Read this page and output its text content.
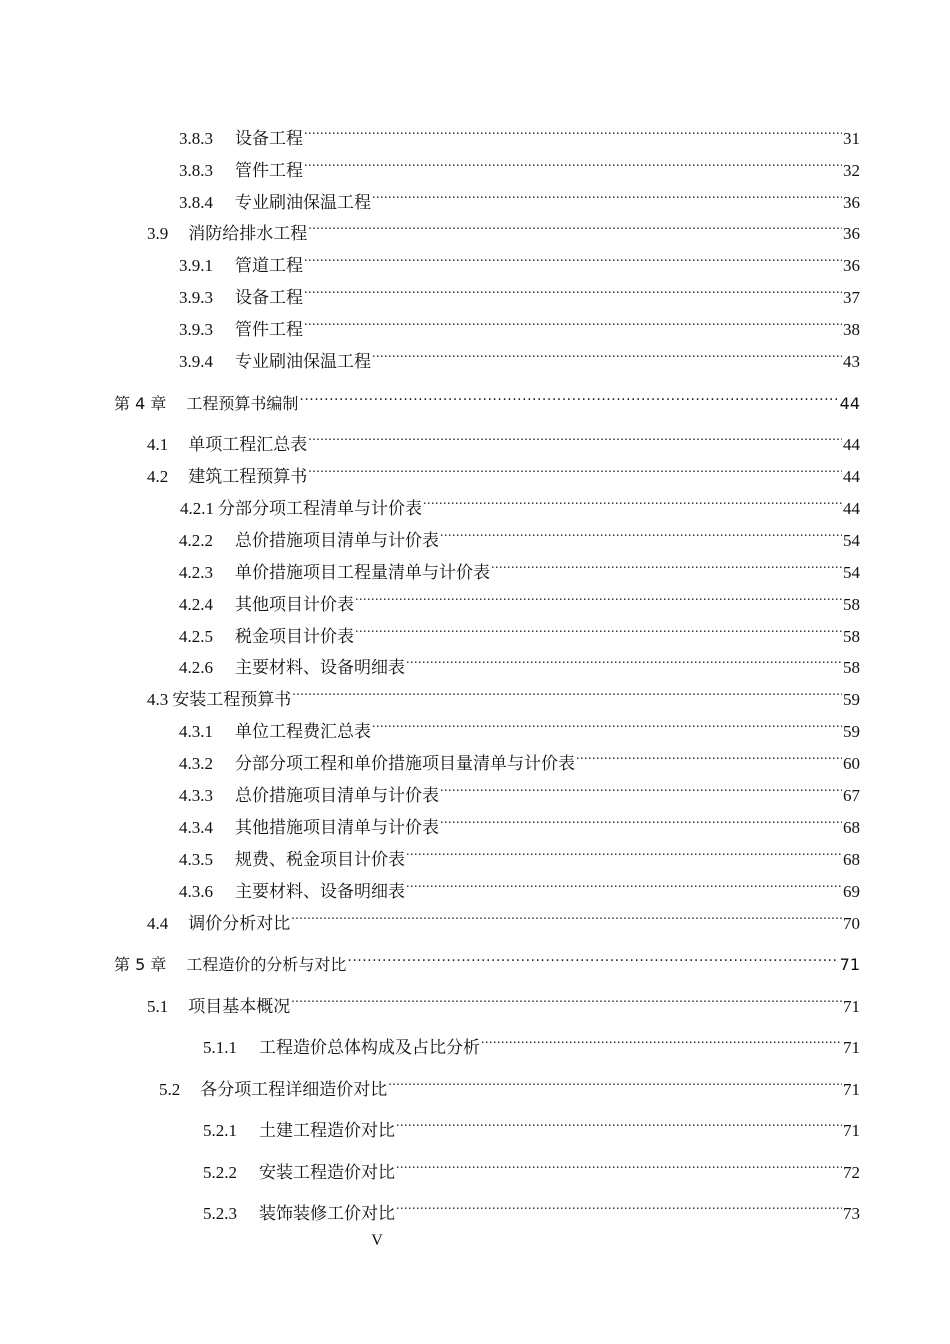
3.8.3 设备工程 .....	31
3.8.3 管件工程 .....	32
3.8.4 专业刷油保温工程 .....	36
3.9 消防给排水工程 .....	36
3.9.1 管道工程 .....	36
3.9.3 设备工程 .....	37
3.9.3 管件工程 .....	38
3.9.4 专业刷油保温工程 .....	43
第 4 章 工程预算书编制 .....	44
4.1 单项工程汇总表 .....	44
4.2 建筑工程预算书 .....	44
4.2.1 分部分项工程清单与计价表 .....	44
4.2.2 总价措施项目清单与计价表 .....	54
4.2.3 单价措施项目工程量清单与计价表 .....	54
4.2.4 其他项目计价表 .....	58
4.2.5 税金项目计价表 .....	58
4.2.6 主要材料、设备明细表 .....	58
4.3 安装工程预算书 .....	59
4.3.1 单位工程费汇总表 .....	59
4.3.2 分部分项工程和单价措施项目量清单与计价表 .....	60
4.3.3 总价措施项目清单与计价表 .....	67
4.3.4 其他措施项目清单与计价表 .....	68
4.3.5 规费、税金项目计价表 .....	68
4.3.6 主要材料、设备明细表 .....	69
4.4 调价分析对比 .....	70
第 5 章 工程造价的分析与对比 .....	71
5.1 项目基本概况 .....	71
5.1.1 工程造价总体构成及占比分析 .....	71
5.2 各分项工程详细造价对比 .....	71
5.2.1 土建工程造价对比 .....	71
5.2.2 安装工程造价对比 .....	72
5.2.3 装饰装修工价对比 .....	73
V
